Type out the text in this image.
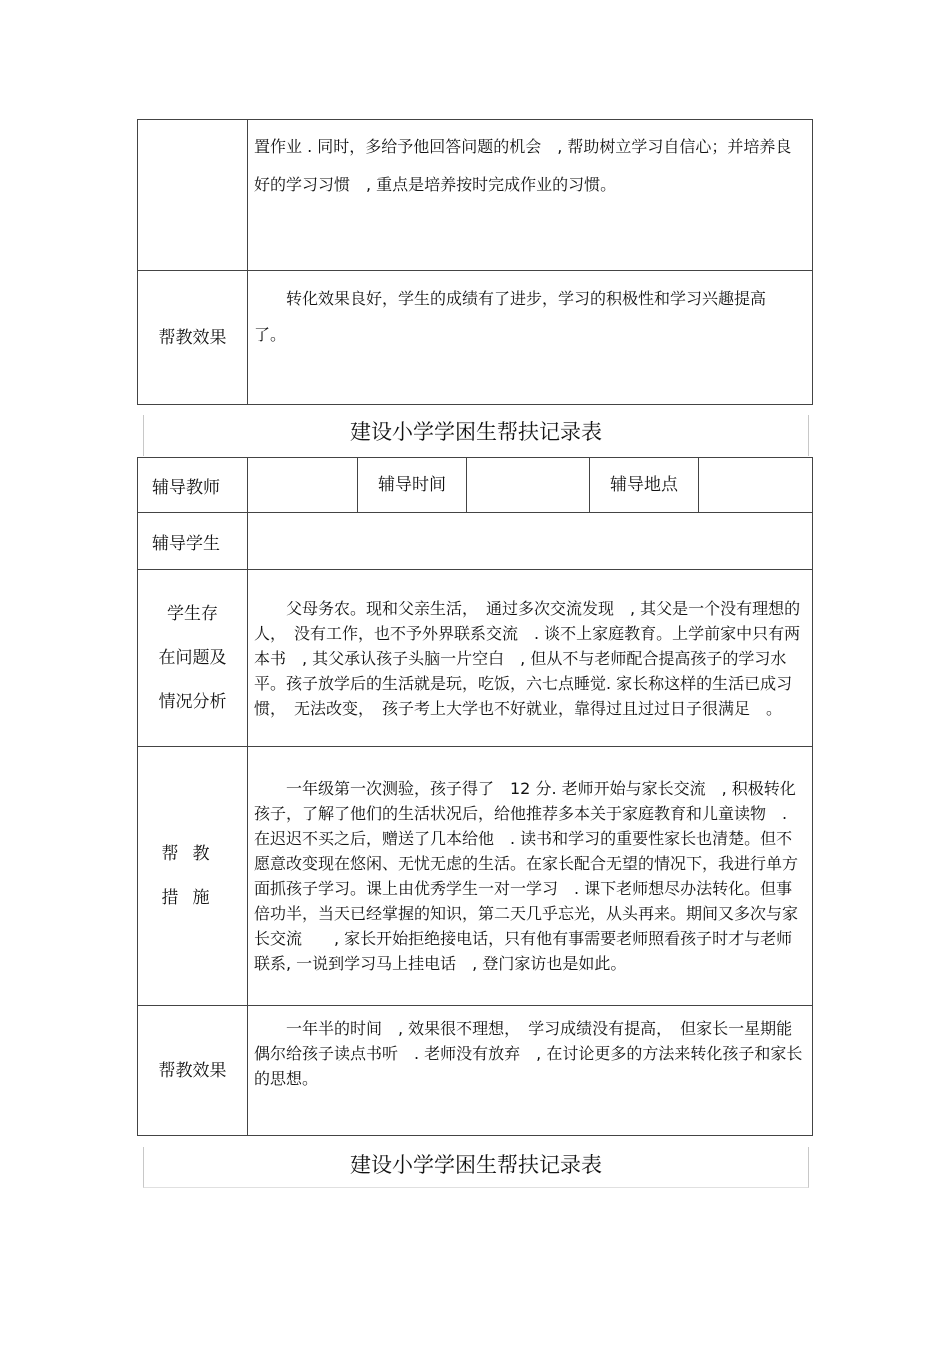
	置作业 . 同时，多给予他回答问题的机会　, 帮助树立学习自信心；并培养良好的学习习惯　, 重点是培养按时完成作业的习惯。

帮教效果	转化效果良好，学生的成绩有了进步，学习的积极性和学习兴趣提高了。
建设小学学困生帮扶记录表
辅导教师		辅导时间		辅导地点	
辅导学生					

学生存
在问题及
情况分析	父母务农。现和父亲生活，　通过多次交流发现　, 其父是一个没有理想的人，　没有工作，也不予外界联系交流　. 谈不上家庭教育。上学前家中只有两本书　, 其父承认孩子头脑一片空白　, 但从不与老师配合提高孩子的学习水平。孩子放学后的生活就是玩，吃饭，六七点睡觉. 家长称这样的生活已成习惯，　无法改变，　孩子考上大学也不好就业，靠得过且过过日子很满足　。				

帮教
措施	一年级第一次测验，孩子得了　12 分. 老师开始与家长交流　, 积极转化孩子，了解了他们的生活状况后，给他推荐多本关于家庭教育和儿童读物　. 在迟迟不买之后，赠送了几本给他　. 读书和学习的重要性家长也清楚。但不愿意改变现在悠闲、无忧无虑的生活。在家长配合无望的情况下，我进行单方面抓孩子学习。课上由优秀学生一对一学习　. 课下老师想尽办法转化。但事倍功半，当天已经掌握的知识，第二天几乎忘光，从头再来。期间又多次与家长交流　　, 家长开始拒绝接电话，只有他有事需要老师照看孩子时才与老师联系, 一说到学习马上挂电话　, 登门家访也是如此。				

帮教效果	一年半的时间　, 效果很不理想，　学习成绩没有提高，　但家长一星期能偶尔给孩子读点书听　. 老师没有放弃　, 在讨论更多的方法来转化孩子和家长的思想。				
建设小学学困生帮扶记录表
